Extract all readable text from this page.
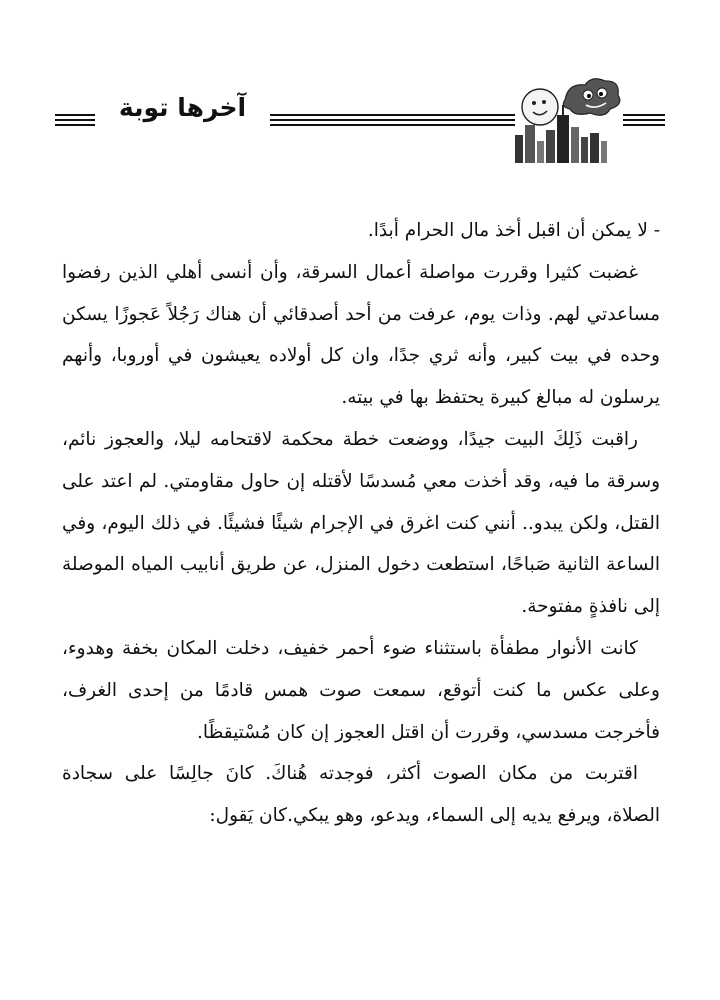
آخرها توبة

- لا يمكن أن اقبل أخذ مال الحرام أبدًا.

غضبت كثيرا وقررت مواصلة أعمال السرقة، وأن أنسى أهلي الذين رفضوا مساعدتي لهم. وذات يوم، عرفت من أحد أصدقائي أن هناك رَجُلاً عَجوزًا يسكن وحده في بيت كبير، وأنه ثري جدًا، وان كل أولاده يعيشون في أوروبا، وأنهم يرسلون له مبالغ كبيرة يحتفظ بها في بيته.

راقبت ذَلِكَ البيت جيدًا، ووضعت خطة محكمة لاقتحامه ليلا، والعجوز نائم، وسرقة ما فيه، وقد أخذت معي مُسدسًا لأقتله إن حاول مقاومتي. لم اعتد على القتل، ولكن يبدو.. أنني كنت اغرق في الإجرام شيئًا فشيئًا. في ذلك اليوم، وفي الساعة الثانية صَباحًا، استطعت دخول المنزل، عن طريق أنابيب المياه الموصلة إلى نافذةٍ مفتوحة.

كانت الأنوار مطفأة باستثناء ضوء أحمر خفيف، دخلت المكان بخفة وهدوء، وعلى عكس ما كنت أتوقع، سمعت صوت همس قادمًا من إحدى الغرف، فأخرجت مسدسي، وقررت أن اقتل العجوز إن كان مُسْتيقظًا.

اقتربت من مكان الصوت أكثر، فوجدته هُناكَ. كانَ جالِسًا على سجادة الصلاة، ويرفع يديه إلى السماء، ويدعو، وهو يبكي.كان يَقول:
